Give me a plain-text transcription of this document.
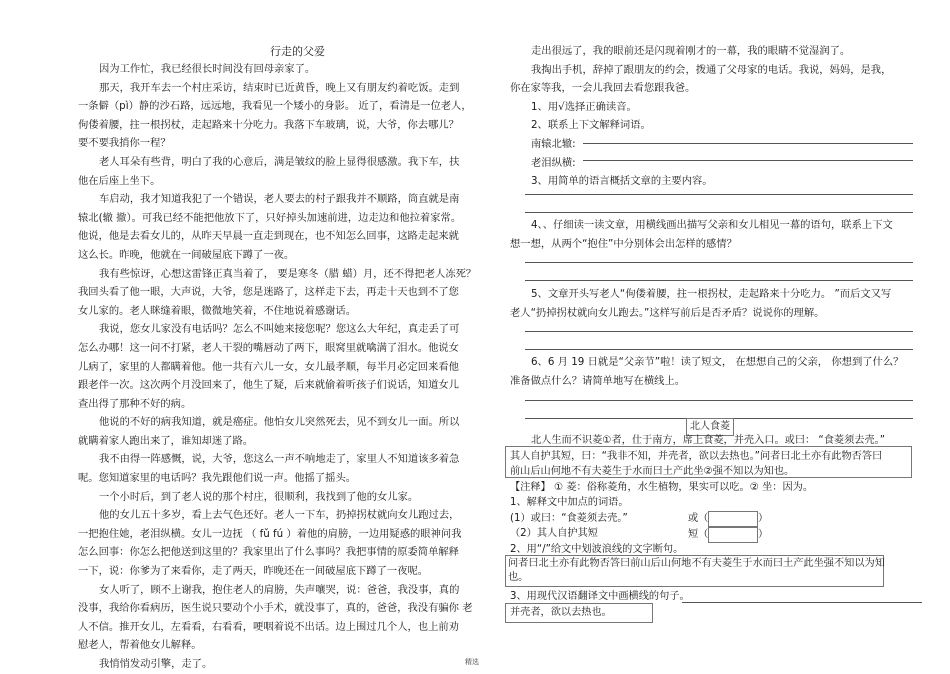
行走的父爱
因为工作忙，我已经很长时间没有回母亲家了。
那天，我开车去一个村庄采访，结束时已近黄昏，晚上又有朋友约着吃饭。走到
一条僻（pì）静的沙石路，远远地，我看见一个矮小的身影。 近了，看清是一位老人，
佝偻着腰，拄一根拐杖，走起路来十分吃力。我落下车玻璃，说，大爷，你去哪儿？
要不要我捎你一程？
老人耳朵有些背，明白了我的心意后，满是皱纹的脸上显得很感激。我下车，扶
他在后座上坐下。
车启动，我才知道我犯了一个错误，老人要去的村子跟我并不顺路，筒直就是南
辕北(辙 撤）。可我已经不能把他放下了，只好掉头加速前进，边走边和他拉着家常。
他说，他是去看女儿的，从昨天早晨一直走到现在，也不知怎么回事，这路走起来就
这么长。昨晚，他就在一间破屋底下蹲了一夜。
我有些惊讶，心想这雷锋正真当着了， 要是寒冬（腊 蜡）月，还不得把老人冻死？
我回头看了他一眼，大声说，大爷，您是迷路了，这样走下去，再走十天也到不了您
女儿家的。老人眯缝着眼，微微地笑着，不住地说着感谢话。
我说，您女儿家没有电话吗？怎么不叫她来接您呢？您这么大年纪，真走丢了可
怎么办哪！这一问不打紧，老人干裂的嘴唇动了两下，眼窝里就噙满了泪水。他说女
儿病了，家里的人都瞒着他。他一共有六儿一女，女儿最孝顺，每半月必定回来看他
跟老伴一次。这次两个月没回来了，他生了疑，后来就偷着听孩子们说话，知道女儿
查出得了那种不好的病。
他说的不好的病我知道，就是癌症。他怕女儿突然死去，见不到女儿一面。所以
就瞒着家人跑出来了，谁知却迷了路。
我不由得一阵感慨，说，大爷，您这么一声不响地走了，家里人不知道该多着急
呢。您知道家里的电话吗？我先跟他们说一声。他摇了摇头。
一个小时后，到了老人说的那个村庄，很顺利，我找到了他的女儿家。
他的女儿五十多岁，看上去气色还好。老人一下车，扔掉拐杖就向女儿跑过去，
一把抱住她，老泪纵横。女儿一边抚 （ fǔ fú ）着他的肩膀，一边用疑惑的眼神问我
怎么回事：你怎么把他送到这里的？我家里出了什么事吗？我把事情的原委简单解释
一下，说：你爹为了来看你，走了两天，昨晚还在一间破屋底下蹲了一夜呢。
女人听了，顾不上谢我，抱住老人的肩膀，失声嚷哭，说：爸爸，我没事，真的
没事，我给你看病历，医生说只要动个小手术，就没事了，真的，爸爸，我没有骗你 老
人不信。推开女儿，左看看，右看看，哽咽着说不出话。边上围过几个人，也上前劝
慰老人，帮着他女儿解释。
我悄悄发动引擎，走了。
走出很远了，我的眼前还是闪现着刚才的一幕，我的眼睛不觉湿润了。
我掏出手机，辞掉了跟朋友的约会，拨通了父母家的电话。我说，妈妈，是我，
你在家等我，一会儿我回去看您跟我爸。
1、用√选择正确读音。
2、联系上下文解释词语。
南辕北辙:
老泪纵横:
3、用简单的语言概括文章的主要内容。
4、、仔细读一读文章，用横线画出描写父亲和女儿相见一幕的语句，联系上下文
想一想，从两个“抱住”中分别体会出怎样的感情？
5、文章开头写老人“佝偻着腰，拄一根拐杖，走起路来十分吃力。 ”而后文又写
老人“扔掉拐杖就向女儿跑去。”这样写前后是否矛盾？说说你的理解。
6、6 月 19 日就是“父亲节”啦！读了短文， 在想想自己的父亲， 你想到了什么？
准备做点什么？请简单地写在横线上。
北人食菱
北人生而不识菱①者，仕于南方，席上食菱，并壳入口。或曰： “食菱须去壳。”
其人自护其短，曰：“我非不知，并壳者，欲以去热也。”问者曰北土亦有此物否答曰
前山后山何地不有夫菱生于水而曰土产此坐②强不知以为知也。
【注释】 ① 菱：俗称菱角，水生植物，果实可以吃。② 坐：因为。
1、解释文中加点的词语。
(1）或曰：“食菱须去壳。”
（2）其人自护其短
2、用“/”给文中划波浪线的文字断句。
或（	）
短（	）
问者曰北土亦有此物否答曰前山后山何地不有夫菱生于水而曰土产此坐强不知以为知
也。
3、用现代汉语翻译文中画横线的句子。
并壳者，欲以去热也。
精选
